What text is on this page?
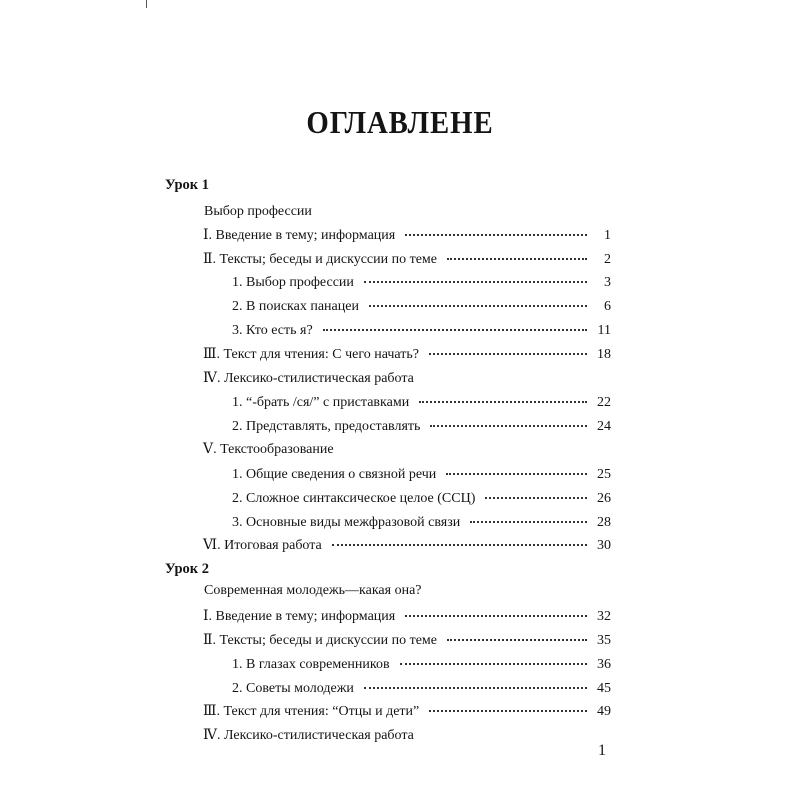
ОГЛАВЛЕНЕ
Урок 1
Выбор профессии
Ⅰ. Введение в тему; информация	1
Ⅱ. Тексты; беседы и дискуссии по теме	2
1. Выбор профессии	3
2. В поисках панацеи	6
3. Кто есть я?	11
Ⅲ. Текст для чтения: С чего начать?	18
Ⅳ. Лексико-стилистическая работа
1. “-брать /ся/” с приставками	22
2. Представлять, предоставлять	24
Ⅴ. Текстообразование
1. Общие сведения о связной речи	25
2. Сложное синтаксическое целое (ССЦ)	26
3. Основные виды межфразовой связи	28
Ⅵ. Итоговая работа	30
Урок 2
Современная молодежь—какая она?
Ⅰ. Введение в тему; информация	32
Ⅱ. Тексты; беседы и дискуссии по теме	35
1. В глазах современников	36
2. Советы молодежи	45
Ⅲ. Текст для чтения: “Отцы и дети”	49
Ⅳ. Лексико-стилистическая работа
1
